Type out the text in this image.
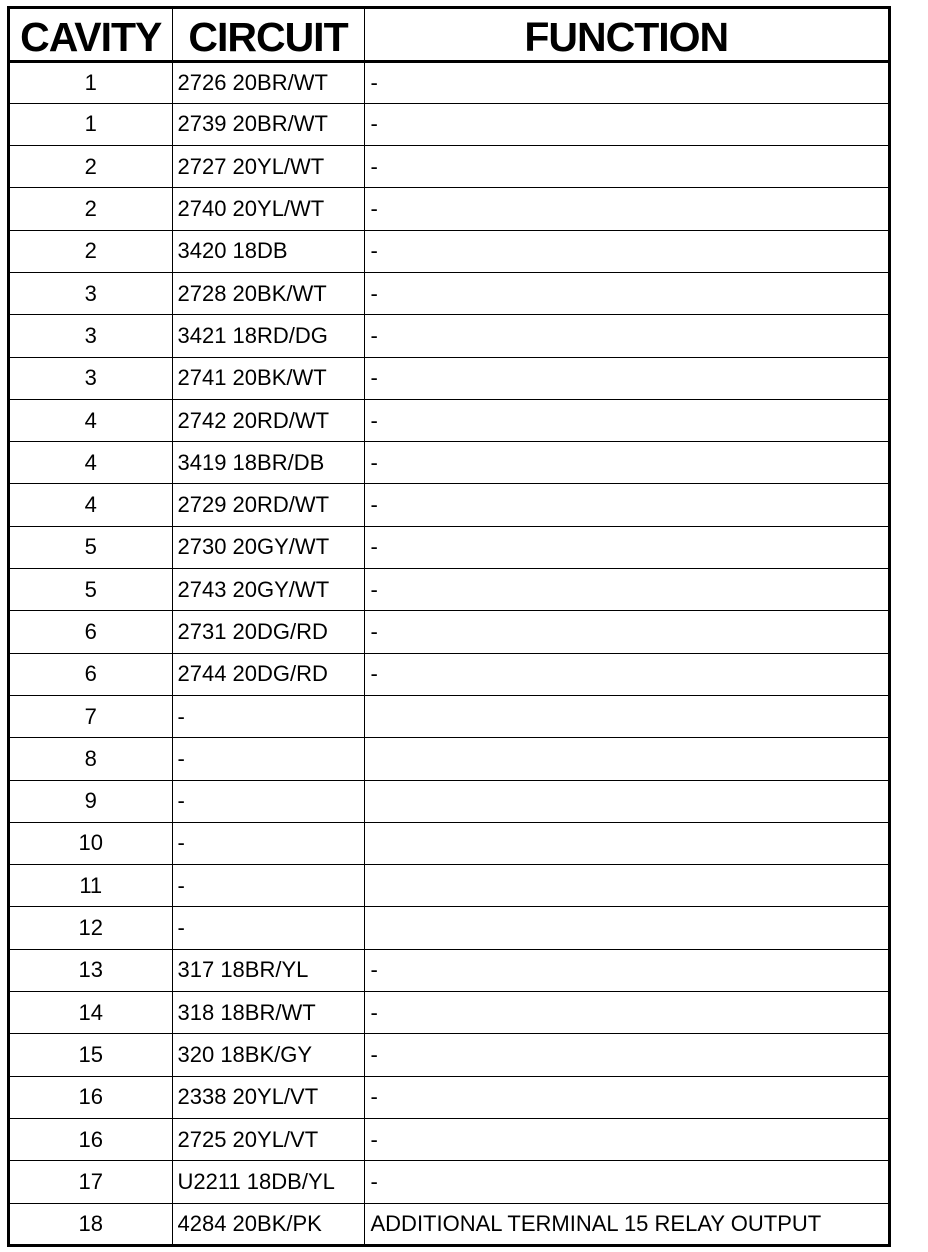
CAVITY	CIRCUIT	FUNCTION
1	2726 20BR/WT	-
1	2739 20BR/WT	-
2	2727 20YL/WT	-
2	2740 20YL/WT	-
2	3420 18DB	-
3	2728 20BK/WT	-
3	3421 18RD/DG	-
3	2741 20BK/WT	-
4	2742 20RD/WT	-
4	3419 18BR/DB	-
4	2729 20RD/WT	-
5	2730 20GY/WT	-
5	2743 20GY/WT	-
6	2731 20DG/RD	-
6	2744 20DG/RD	-
7	-	
8	-	
9	-	
10	-	
11	-	
12	-	
13	317 18BR/YL	-
14	318 18BR/WT	-
15	320 18BK/GY	-
16	2338 20YL/VT	-
16	2725 20YL/VT	-
17	U2211 18DB/YL	-
18	4284 20BK/PK	ADDITIONAL TERMINAL 15 RELAY OUTPUT
